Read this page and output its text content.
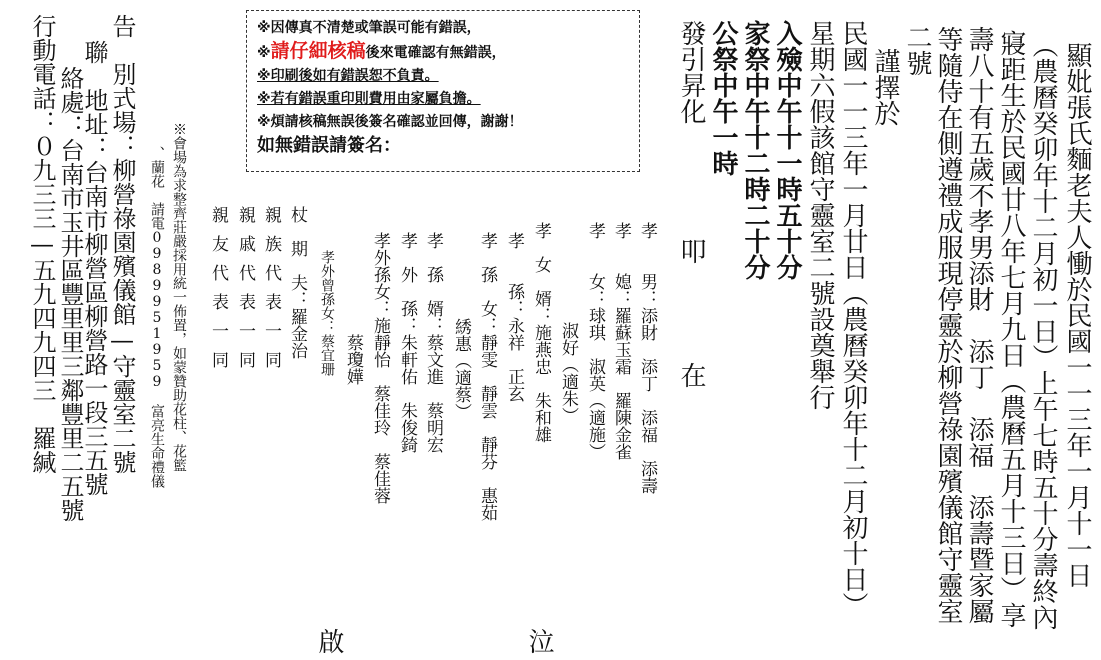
顯妣張氏麵老夫人慟於民國一一三年一月十一日
（農曆癸卯年十二月初一日）上午七時五十分壽終內
寢距生於民國廿八年七月九日（農曆五月十三日）享
壽八十有五歲不孝男添財　添丁　添福　添壽暨家屬
等隨侍在側遵禮成服現停靈於柳營祿園殯儀館守靈室
二號
謹擇於
民國一一三年一月廿日（農曆癸卯年十二月初十日）
星期六假該館守靈室二號設奠舉行
入殮中午十一時五十分
家祭中午十二時二十分
公祭中午一時
發引昇化
叩　在
※因傳真不清楚或筆誤可能有錯誤，
※請仔細核稿後來電確認有無錯誤，
※印刷後如有錯誤恕不負責。
※若有錯誤重印則費用由家屬負擔。
※煩請核稿無誤後簽名確認並回傳，謝謝！
如無錯誤請簽名：
孝　　男：添財　添丁　添福　添壽
孝　　媳：羅蘇玉霜　羅陳金雀
孝　　女：球琪　淑英（適施）
淑好（適朱）
孝　女　婿：施燕忠　朱和雄
孝　　孫：永祥　正玄
孝　孫　女：靜雯　靜雲　靜芬　惠茹
綉惠（適蔡）
孝　孫　婿：蔡文進　蔡明宏
孝　外　孫：朱軒佑　朱俊錡
孝外孫女：施靜怡　蔡佳玲　蔡佳蓉
孝外曾孫女：蔡宜珊 蔡瓊嬅
杖　期　夫：羅金治
親族代表一同
親戚代表一同
親友代表一同
泣
啟
※會場為求整齊莊嚴採用統一佈置，如蒙贊助花柱、花籃
、蘭花　請電0989951959　富亮生命禮儀
告　別式場：柳營祿園殯儀館—守靈室二號
聯　地址：台南市柳營區柳營路一段三五號
絡處：台南市玉井區豐里里三鄰豐里二五號
行動電話：０九三三—五九四九四三　羅緘
